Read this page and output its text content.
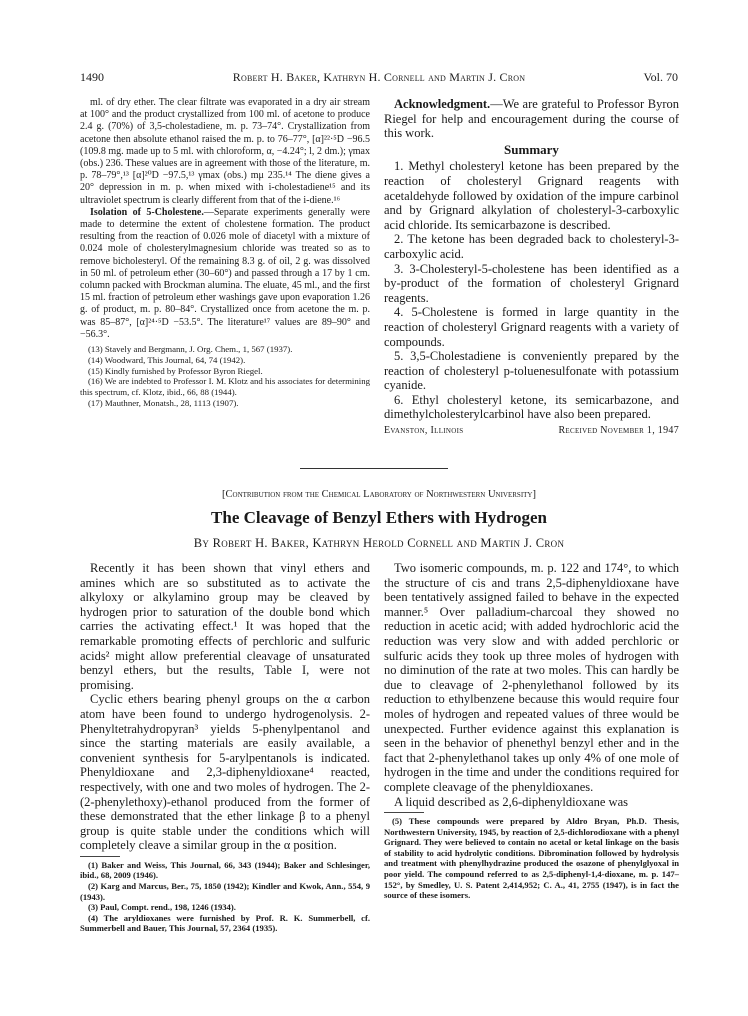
1490	Robert H. Baker, Kathryn H. Cornell and Martin J. Cron	Vol. 70

ml. of dry ether. The clear filtrate was evaporated in a dry air stream at 100° and the product crystallized from 100 ml. of acetone to produce 2.4 g. (70%) of 3,5-cholestadiene, m. p. 73–74°. Crystallization from acetone then absolute ethanol raised the m. p. to 76–77°, [α]²²·⁵D −96.5 (109.8 mg. made up to 5 ml. with chloroform, α, −4.24°; l, 2 dm.); γmax (obs.) 236. These values are in agreement with those of the literature, m. p. 78–79°,¹³ [α]²⁰D −97.5,¹³ γmax (obs.) mμ 235.¹⁴ The diene gives a 20° depression in m. p. when mixed with i-cholestadiene¹⁵ and its ultraviolet spectrum is clearly different from that of the i-diene.¹⁶

Isolation of 5-Cholestene.—Separate experiments generally were made to determine the extent of cholestene formation. The product resulting from the reaction of 0.026 mole of diacetyl with a mixture of 0.024 mole of cholesterylmagnesium chloride was treated so as to remove bicholesteryl. Of the remaining 8.3 g. of oil, 2 g. was dissolved in 50 ml. of petroleum ether (30–60°) and passed through a 17 by 1 cm. column packed with Brockman alumina. The eluate, 45 ml., and the first 15 ml. fraction of petroleum ether washings gave upon evaporation 1.26 g. of product, m. p. 80–84°. Crystallized once from acetone the m. p. was 85–87°, [α]²⁴·⁵D −53.5°. The literature¹⁷ values are 89–90° and −56.3°.

(13) Stavely and Bergmann, J. Org. Chem., 1, 567 (1937).

(14) Woodward, This Journal, 64, 74 (1942).

(15) Kindly furnished by Professor Byron Riegel.

(16) We are indebted to Professor I. M. Klotz and his associates for determining this spectrum, cf. Klotz, ibid., 66, 88 (1944).

(17) Mauthner, Monatsh., 28, 1113 (1907).

Acknowledgment.—We are grateful to Professor Byron Riegel for help and encouragement during the course of this work.

Summary

1. Methyl cholesteryl ketone has been prepared by the reaction of cholesteryl Grignard reagents with acetaldehyde followed by oxidation of the impure carbinol and by Grignard alkylation of cholesteryl-3-carboxylic acid chloride. Its semicarbazone is described.

2. The ketone has been degraded back to cholesteryl-3-carboxylic acid.

3. 3-Cholesteryl-5-cholestene has been identified as a by-product of the formation of cholesteryl Grignard reagents.

4. 5-Cholestene is formed in large quantity in the reaction of cholesteryl Grignard reagents with a variety of compounds.

5. 3,5-Cholestadiene is conveniently prepared by the reaction of cholesteryl p-toluenesulfonate with potassium cyanide.

6. Ethyl cholesteryl ketone, its semicarbazone, and dimethylcholesterylcarbinol have also been prepared.

Evanston, Illinois	Received November 1, 1947
[Contribution from the Chemical Laboratory of Northwestern University]
The Cleavage of Benzyl Ethers with Hydrogen
By Robert H. Baker, Kathryn Herold Cornell and Martin J. Cron

Recently it has been shown that vinyl ethers and amines which are so substituted as to activate the alkyloxy or alkylamino group may be cleaved by hydrogen prior to saturation of the double bond which carries the activating effect.¹ It was hoped that the remarkable promoting effects of perchloric and sulfuric acids² might allow preferential cleavage of unsaturated benzyl ethers, but the results, Table I, were not promising.

Cyclic ethers bearing phenyl groups on the α carbon atom have been found to undergo hydrogenolysis. 2-Phenyltetrahydropyran³ yields 5-phenylpentanol and since the starting materials are easily available, a convenient synthesis for 5-arylpentanols is indicated. Phenyldioxane and 2,3-diphenyldioxane⁴ reacted, respectively, with one and two moles of hydrogen. The 2-(2-phenylethoxy)-ethanol produced from the former of these demonstrated that the ether linkage β to a phenyl group is quite stable under the conditions which will completely cleave a similar group in the α position.

(1) Baker and Weiss, This Journal, 66, 343 (1944); Baker and Schlesinger, ibid., 68, 2009 (1946).

(2) Karg and Marcus, Ber., 75, 1850 (1942); Kindler and Kwok, Ann., 554, 9 (1943).

(3) Paul, Compt. rend., 198, 1246 (1934).

(4) The aryldioxanes were furnished by Prof. R. K. Summerbell, cf. Summerbell and Bauer, This Journal, 57, 2364 (1935).

Two isomeric compounds, m. p. 122 and 174°, to which the structure of cis and trans 2,5-diphenyldioxane have been tentatively assigned failed to behave in the expected manner.⁵ Over palladium-charcoal they showed no reduction in acetic acid; with added hydrochloric acid the reduction was very slow and with added perchloric or sulfuric acids they took up three moles of hydrogen with no diminution of the rate at two moles. This can hardly be due to cleavage of 2-phenylethanol followed by its reduction to ethylbenzene because this would require four moles of hydrogen and repeated values of three would be unexpected. Further evidence against this explanation is seen in the behavior of phenethyl benzyl ether and in the fact that 2-phenylethanol takes up only 4% of one mole of hydrogen in the time and under the conditions required for complete cleavage of the phenyldioxanes.

A liquid described as 2,6-diphenyldioxane was

(5) These compounds were prepared by Aldro Bryan, Ph.D. Thesis, Northwestern University, 1945, by reaction of 2,5-dichlorodioxane with a phenyl Grignard. They were believed to contain no acetal or ketal linkage on the basis of stability to acid hydrolytic conditions. Dibromination followed by hydrolysis and treatment with phenylhydrazine produced the osazone of phenylglyoxal in poor yield. The compound referred to as 2,5-diphenyl-1,4-dioxane, m. p. 147–152°, by Smedley, U. S. Patent 2,414,952; C. A., 41, 2755 (1947), is in fact the source of these isomers.
